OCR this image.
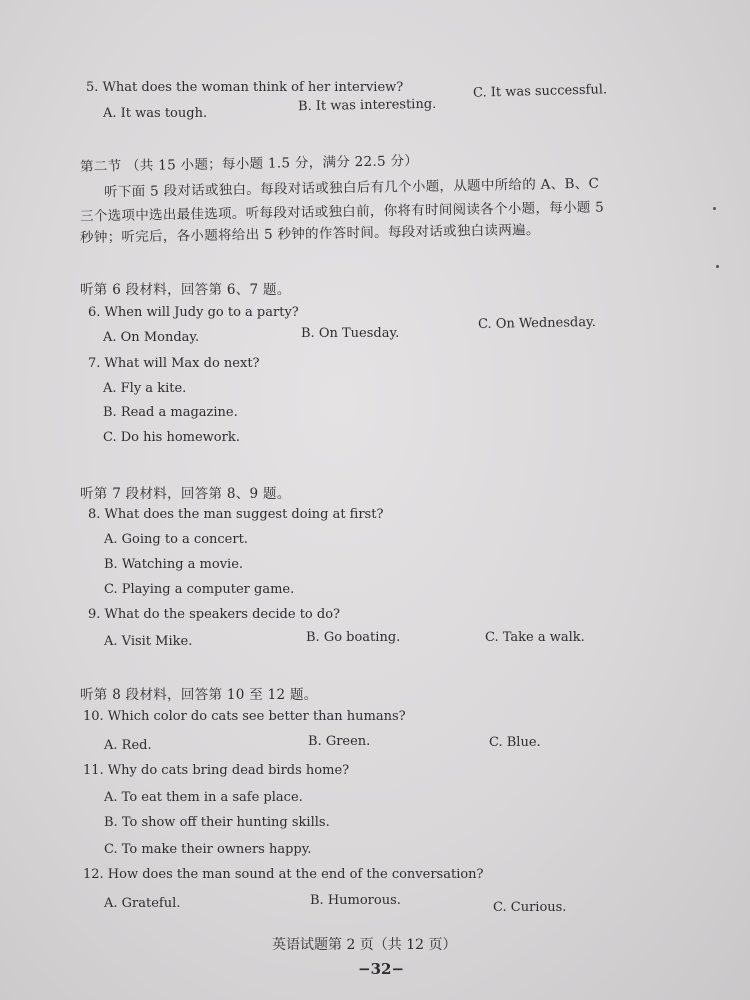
5. What does the woman think of her interview?
A. It was tough.	B. It was interesting.
C. It was successful.
第二节 （共 15 小题；每小题 1.5 分，满分 22.5 分）
听下面 5 段对话或独白。每段对话或独白后有几个小题，从题中所给的 A、B、C
三个选项中选出最佳选项。听每段对话或独白前，你将有时间阅读各个小题，每小题 5
秒钟；听完后，各小题将给出 5 秒钟的作答时间。每段对话或独白读两遍。
听第 6 段材料，回答第 6、7 题。
6. When will Judy go to a party?
A. On Monday.	B. On Tuesday.
C. On Wednesday.
7. What will Max do next?
A. Fly a kite.
B. Read a magazine.
C. Do his homework.
听第 7 段材料，回答第 8、9 题。
8. What does the man suggest doing at first?
A. Going to a concert.
B. Watching a movie.
C. Playing a computer game.
9. What do the speakers decide to do?
A. Visit Mike.	B. Go boating.	C. Take a walk.
听第 8 段材料，回答第 10 至 12 题。
10. Which color do cats see better than humans?
A. Red.	B. Green.	C. Blue.
11. Why do cats bring dead birds home?
A. To eat them in a safe place.
B. To show off their hunting skills.
C. To make their owners happy.
12. How does the man sound at the end of the conversation?
A. Grateful.	B. Humorous.	C. Curious.
英语试题第 2 页（共 12 页）
−32−
